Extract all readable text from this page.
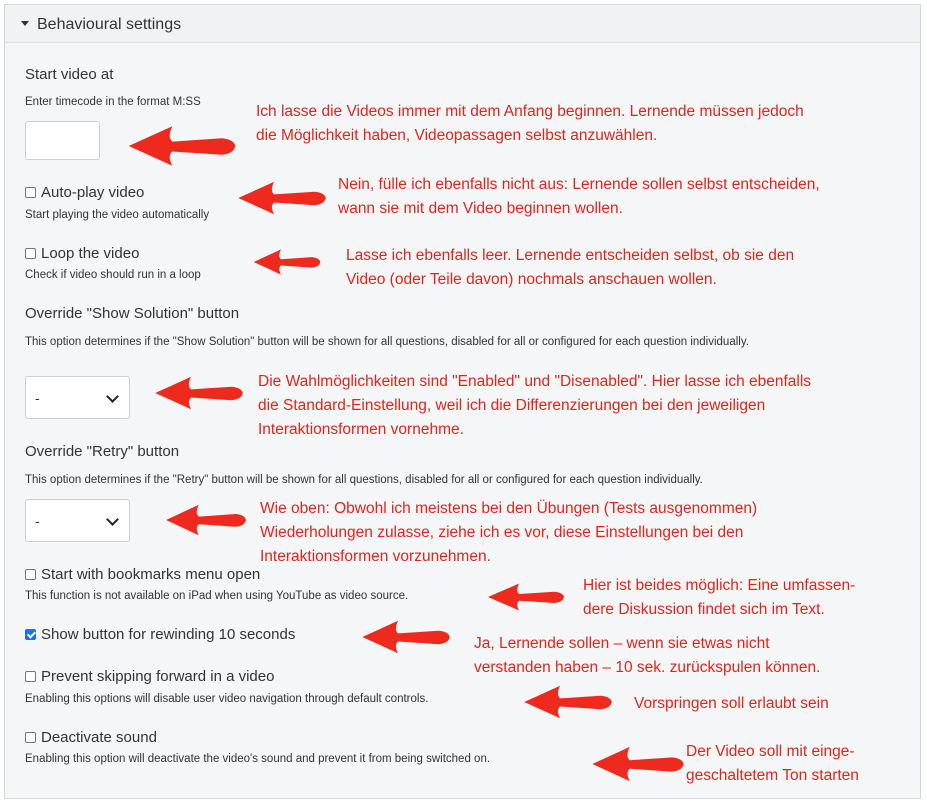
Behavioural settings
Start video at
Enter timecode in the format M:SS
Auto-play video
Start playing the video automatically
Loop the video
Check if video should run in a loop
Override "Show Solution" button
This option determines if the "Show Solution" button will be shown for all questions, disabled for all or configured for each question individually.
-
Override "Retry" button
This option determines if the "Retry" button will be shown for all questions, disabled for all or configured for each question individually.
-
Start with bookmarks menu open
This function is not available on iPad when using YouTube as video source.
Show button for rewinding 10 seconds
Prevent skipping forward in a video
Enabling this options will disable user video navigation through default controls.
Deactivate sound
Enabling this option will deactivate the video's sound and prevent it from being switched on.
Ich lasse die Videos immer mit dem Anfang beginnen. Lernende müssen jedoch
die Möglichkeit haben, Videopassagen selbst anzuwählen.
Nein, fülle ich ebenfalls nicht aus: Lernende sollen selbst entscheiden,
wann sie mit dem Video beginnen wollen.
Lasse ich ebenfalls leer. Lernende entscheiden selbst, ob sie den
Video (oder Teile davon) nochmals anschauen wollen.
Die Wahlmöglichkeiten sind "Enabled" und "Disenabled". Hier lasse ich ebenfalls
die Standard-Einstellung, weil ich die Differenzierungen bei den jeweiligen
Interaktionsformen vornehme.
Wie oben: Obwohl ich meistens bei den Übungen (Tests ausgenommen)
Wiederholungen zulasse, ziehe ich es vor, diese Einstellungen bei den
Interaktionsformen vorzunehmen.
Hier ist beides möglich: Eine umfassen-
dere Diskussion findet sich im Text.
Ja, Lernende sollen – wenn sie etwas nicht
verstanden haben – 10 sek. zurückspulen können.
Vorspringen soll erlaubt sein
Der Video soll mit einge-
geschaltetem Ton starten
